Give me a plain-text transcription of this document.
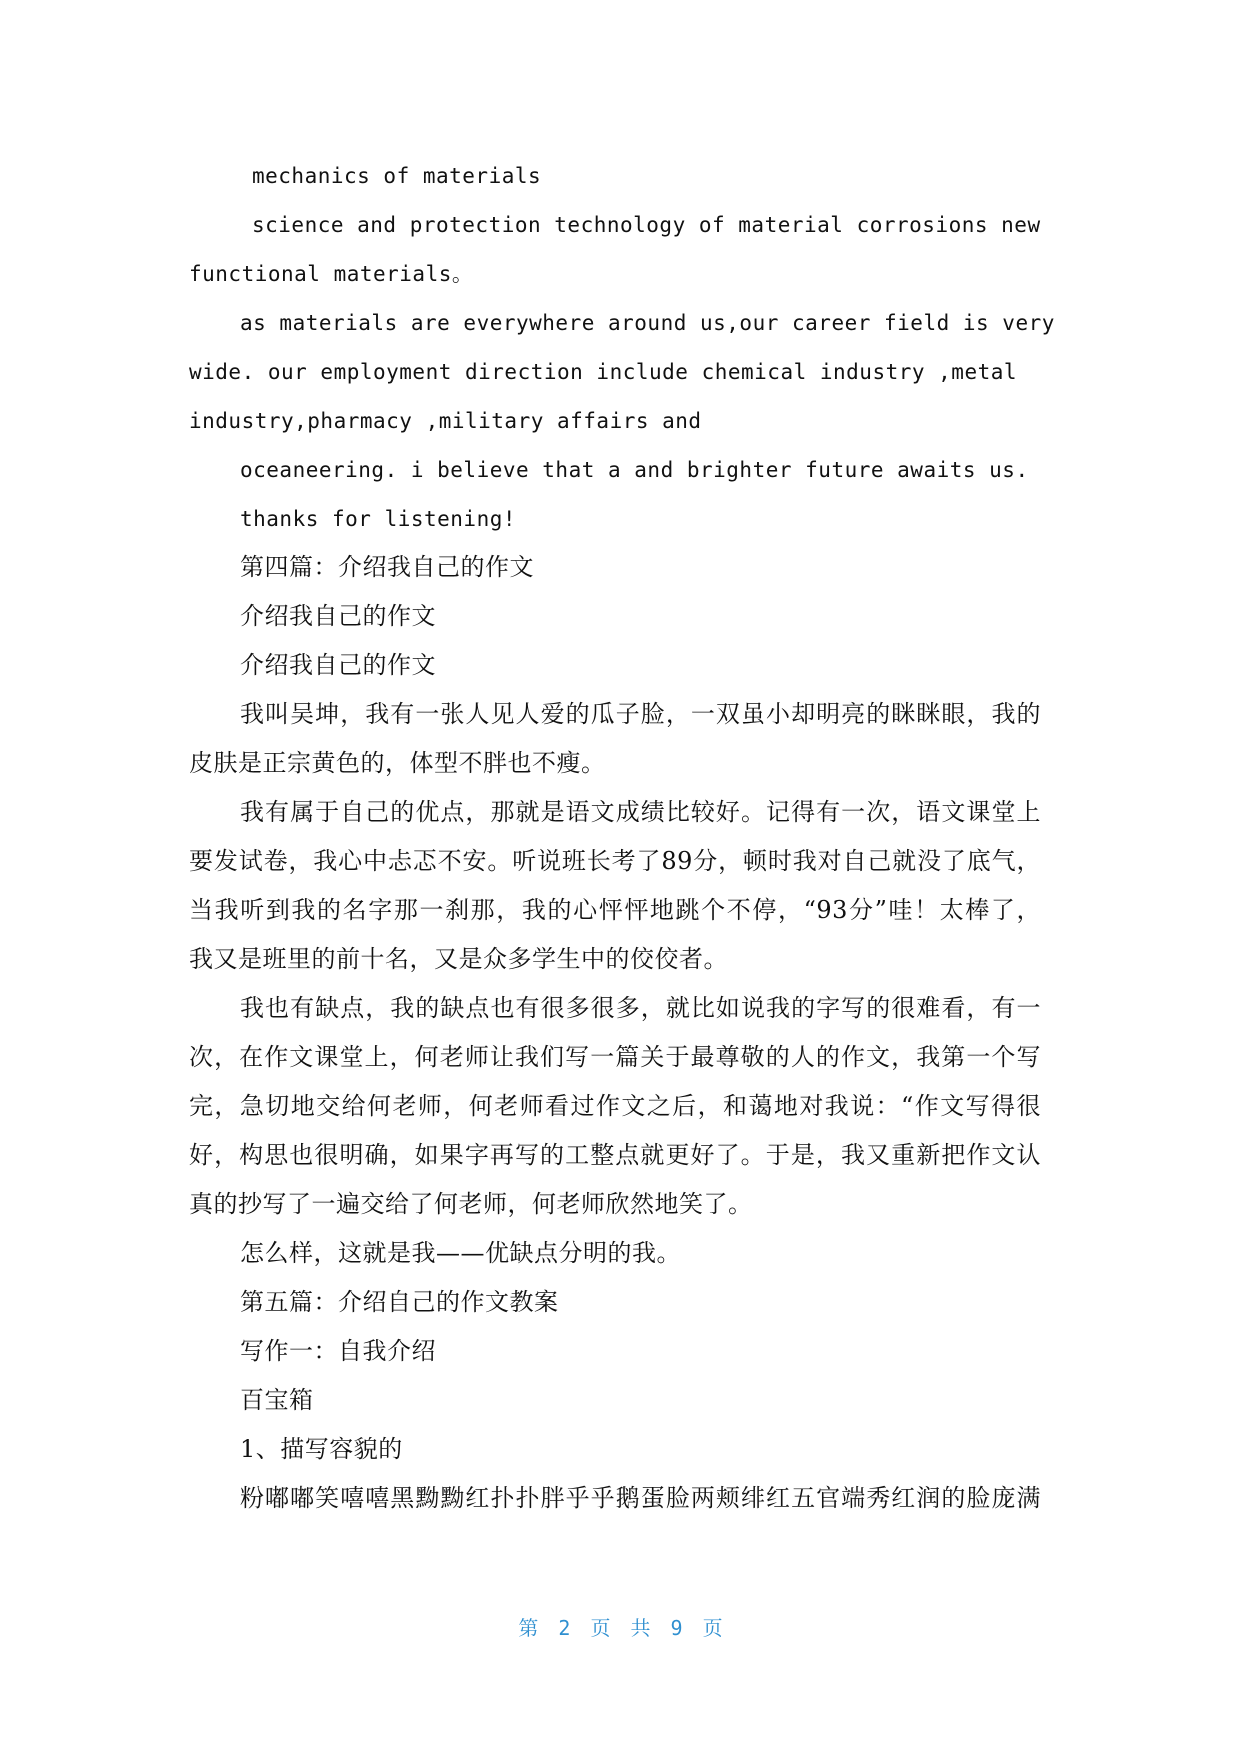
mechanics of materials
science and protection technology of material corrosions new
functional materials。
as materials are everywhere around us,our career field is very
wide. our employment direction include chemical industry ,metal
industry,pharmacy ,military affairs and
oceaneering. i believe that a and brighter future awaits us.
thanks for listening!
第四篇：介绍我自己的作文
介绍我自己的作文
介绍我自己的作文
我叫吴坤，我有一张人见人爱的瓜子脸，一双虽小却明亮的眯眯眼，我的
皮肤是正宗黄色的，体型不胖也不瘦。
我有属于自己的优点，那就是语文成绩比较好。记得有一次，语文课堂上
要发试卷，我心中忐忑不安。听说班长考了89分，顿时我对自己就没了底气，
当我听到我的名字那一刹那，我的心怦怦地跳个不停，“93分”哇！太棒了，
我又是班里的前十名，又是众多学生中的佼佼者。
我也有缺点，我的缺点也有很多很多，就比如说我的字写的很难看，有一
次，在作文课堂上，何老师让我们写一篇关于最尊敬的人的作文，我第一个写
完，急切地交给何老师，何老师看过作文之后，和蔼地对我说：“作文写得很
好，构思也很明确，如果字再写的工整点就更好了。于是，我又重新把作文认
真的抄写了一遍交给了何老师，何老师欣然地笑了。
怎么样，这就是我——优缺点分明的我。
第五篇：介绍自己的作文教案
写作一：自我介绍
百宝箱
1、描写容貌的
粉嘟嘟笑嘻嘻黑黝黝红扑扑胖乎乎鹅蛋脸两颊绯红五官端秀红润的脸庞满
第 2 页 共 9 页
